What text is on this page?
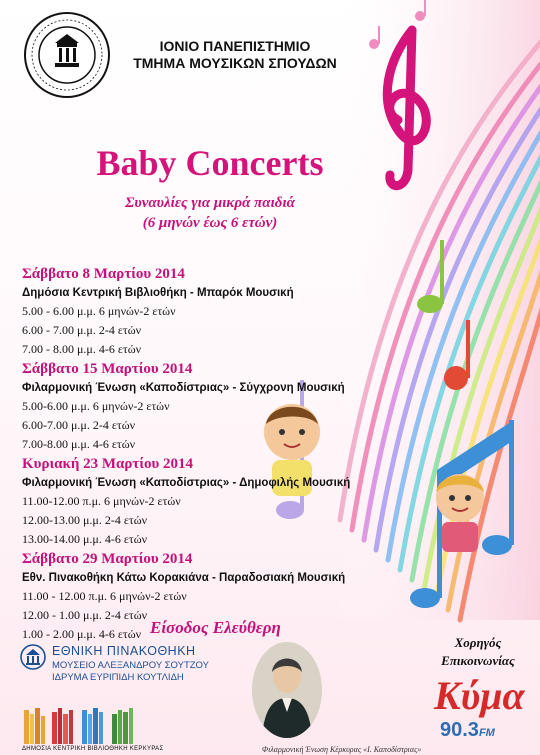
ΙΟΝΙΟ ΠΑΝΕΠΙΣΤΗΜΙΟ
ΤΜΗΜΑ ΜΟΥΣΙΚΩΝ ΣΠΟΥΔΩΝ
Baby Concerts
Συναυλίες για μικρά παιδιά
(6 μηνών έως 6 ετών)
Σάββατο 8 Μαρτίου 2014
Δημόσια Κεντρική Βιβλιοθήκη - Μπαρόκ Μουσική
5.00 - 6.00 μ.μ. 6 μηνών-2 ετών
6.00 - 7.00 μ.μ. 2-4 ετών
7.00 - 8.00 μ.μ. 4-6 ετών
Σάββατο 15 Μαρτίου 2014
Φιλαρμονική Ένωση «Καποδίστριας» - Σύγχρονη Μουσική
5.00-6.00 μ.μ. 6 μηνών-2 ετών
6.00-7.00 μ.μ. 2-4 ετών
7.00-8.00 μ.μ. 4-6 ετών
Κυριακή 23 Μαρτίου 2014
Φιλαρμονική Ένωση «Καποδίστριας» - Δημοφιλής Μουσική
11.00-12.00 π.μ. 6 μηνών-2 ετών
12.00-13.00 μ.μ. 2-4 ετών
13.00-14.00 μ.μ. 4-6 ετών
Σάββατο 29 Μαρτίου 2014
Εθν. Πινακοθήκη Κάτω Κορακιάνα - Παραδοσιακή Μουσική
11.00 - 12.00 π.μ. 6 μηνών-2 ετών
12.00 - 1.00 μ.μ. 2-4 ετών
1.00 - 2.00 μ.μ. 4-6 ετών Είσοδος Ελεύθερη
Χορηγός
Επικοινωνίας
ΕΘΝΙΚΗ ΠΙΝΑΚΟΘΗΚΗ
ΜΟΥΣΕΙΟ ΑΛΕΞΑΝΔΡΟΥ ΣΟΥΤΖΟΥ
ΙΔΡΥΜΑ ΕΥΡΙΠΙΔΗ ΚΟΥΤΛΙΔΗ
ΔΗΜΟΣΙΑ ΚΕΝΤΡΙΚΗ ΒΙΒΛΙΟΘΗΚΗ ΚΕΡΚΥΡΑΣ	Φιλαρμονική Ένωση Κέρκυρας «Ι. Καποδίστριας»
Κύμα
90.3FM
